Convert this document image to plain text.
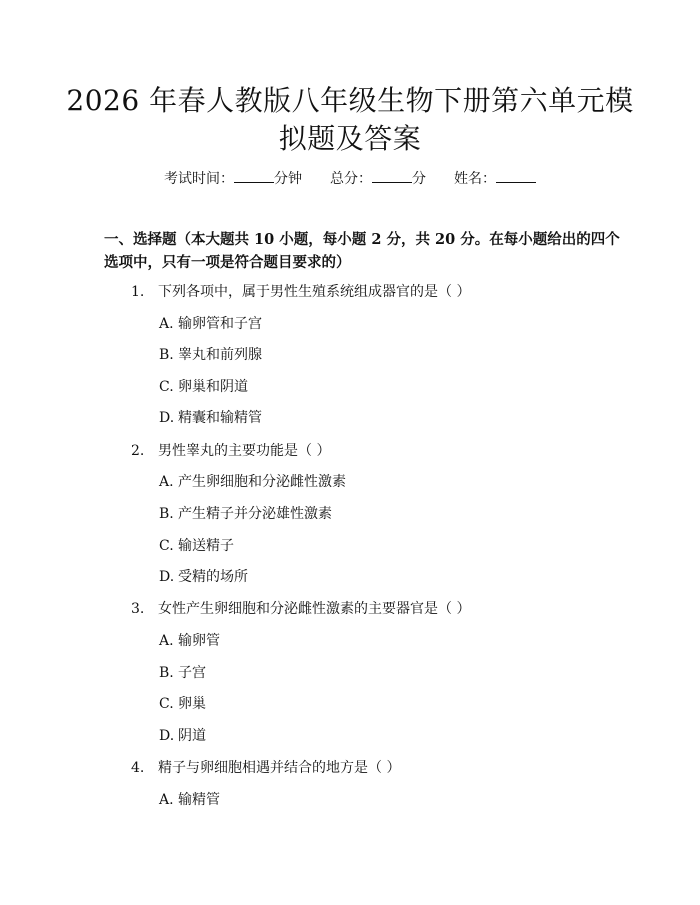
2026 年春人教版八年级生物下册第六单元模
拟题及答案
考试时间：	分钟 总分：	分 姓名：
一、选择题（本大题共 10 小题，每小题 2 分，共 20 分。在每小题给出的四个选项中，只有一项是符合题目要求的）
1. 下列各项中，属于男性生殖系统组成器官的是（ ）
A. 输卵管和子宫
B. 睾丸和前列腺
C. 卵巢和阴道
D. 精囊和输精管
2. 男性睾丸的主要功能是（ ）
A. 产生卵细胞和分泌雌性激素
B. 产生精子并分泌雄性激素
C. 输送精子
D. 受精的场所
3. 女性产生卵细胞和分泌雌性激素的主要器官是（ ）
A. 输卵管
B. 子宫
C. 卵巢
D. 阴道
4. 精子与卵细胞相遇并结合的地方是（ ）
A. 输精管
